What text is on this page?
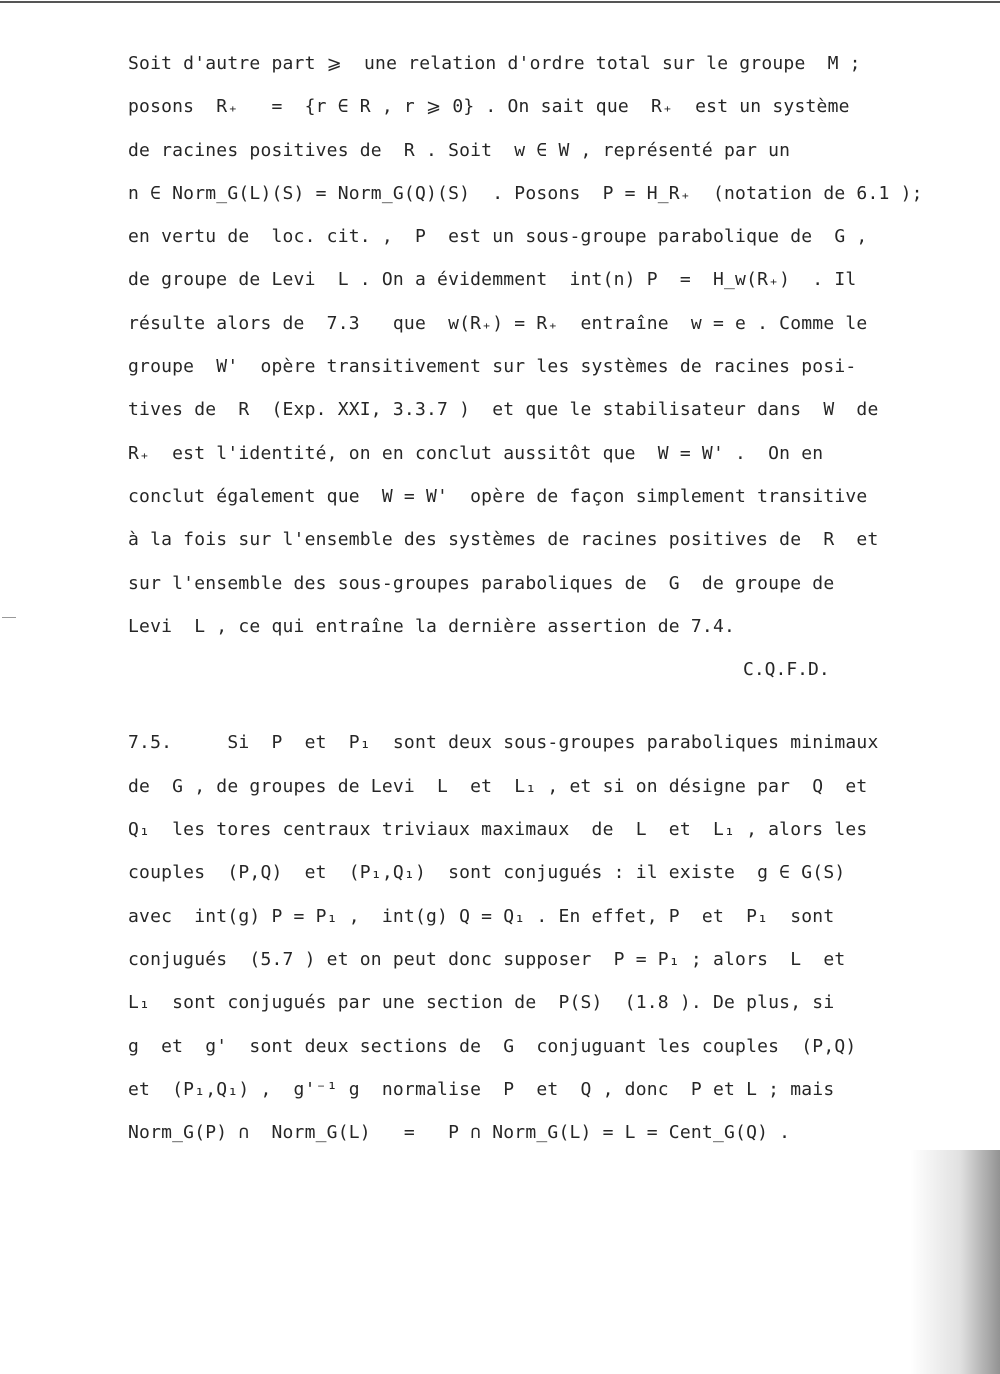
Soit d'autre part ⩾  une relation d'ordre total sur le groupe  M ;
posons  R₊   =  {r ∈ R , r ⩾ 0} . On sait que  R₊  est un système
de racines positives de  R . Soit  w ∈ W , représenté par un
n ∈ Norm_G(L)(S) = Norm_G(Q)(S)  . Posons  P = H_R₊  (notation de 6.1 );
en vertu de  loc. cit. ,  P  est un sous-groupe parabolique de  G ,
de groupe de Levi  L . On a évidemment  int(n) P  =  H_w(R₊)  . Il
résulte alors de  7.3   que  w(R₊) = R₊  entraîne  w = e . Comme le
groupe  W'  opère transitivement sur les systèmes de racines posi-
tives de  R  (Exp. XXI, 3.3.7 )  et que le stabilisateur dans  W  de
R₊  est l'identité, on en conclut aussitôt que  W = W' .  On en
conclut également que  W = W'  opère de façon simplement transitive
à la fois sur l'ensemble des systèmes de racines positives de  R  et
sur l'ensemble des sous-groupes paraboliques de  G  de groupe de
Levi  L , ce qui entraîne la dernière assertion de 7.4.
C.Q.F.D.
7.5.     Si  P  et  P₁  sont deux sous-groupes paraboliques minimaux
de  G , de groupes de Levi  L  et  L₁ , et si on désigne par  Q  et
Q₁  les tores centraux triviaux maximaux  de  L  et  L₁ , alors les
couples  (P,Q)  et  (P₁,Q₁)  sont conjugués : il existe  g ∈ G(S)
avec  int(g) P = P₁ ,  int(g) Q = Q₁ . En effet, P  et  P₁  sont
conjugués  (5.7 ) et on peut donc supposer  P = P₁ ; alors  L  et
L₁  sont conjugués par une section de  P(S)  (1.8 ). De plus, si
g  et  g'  sont deux sections de  G  conjuguant les couples  (P,Q)
et  (P₁,Q₁) ,  g'⁻¹ g  normalise  P  et  Q , donc  P et L ; mais
Norm_G(P) ∩  Norm_G(L)   =   P ∩ Norm_G(L) = L = Cent_G(Q) .
